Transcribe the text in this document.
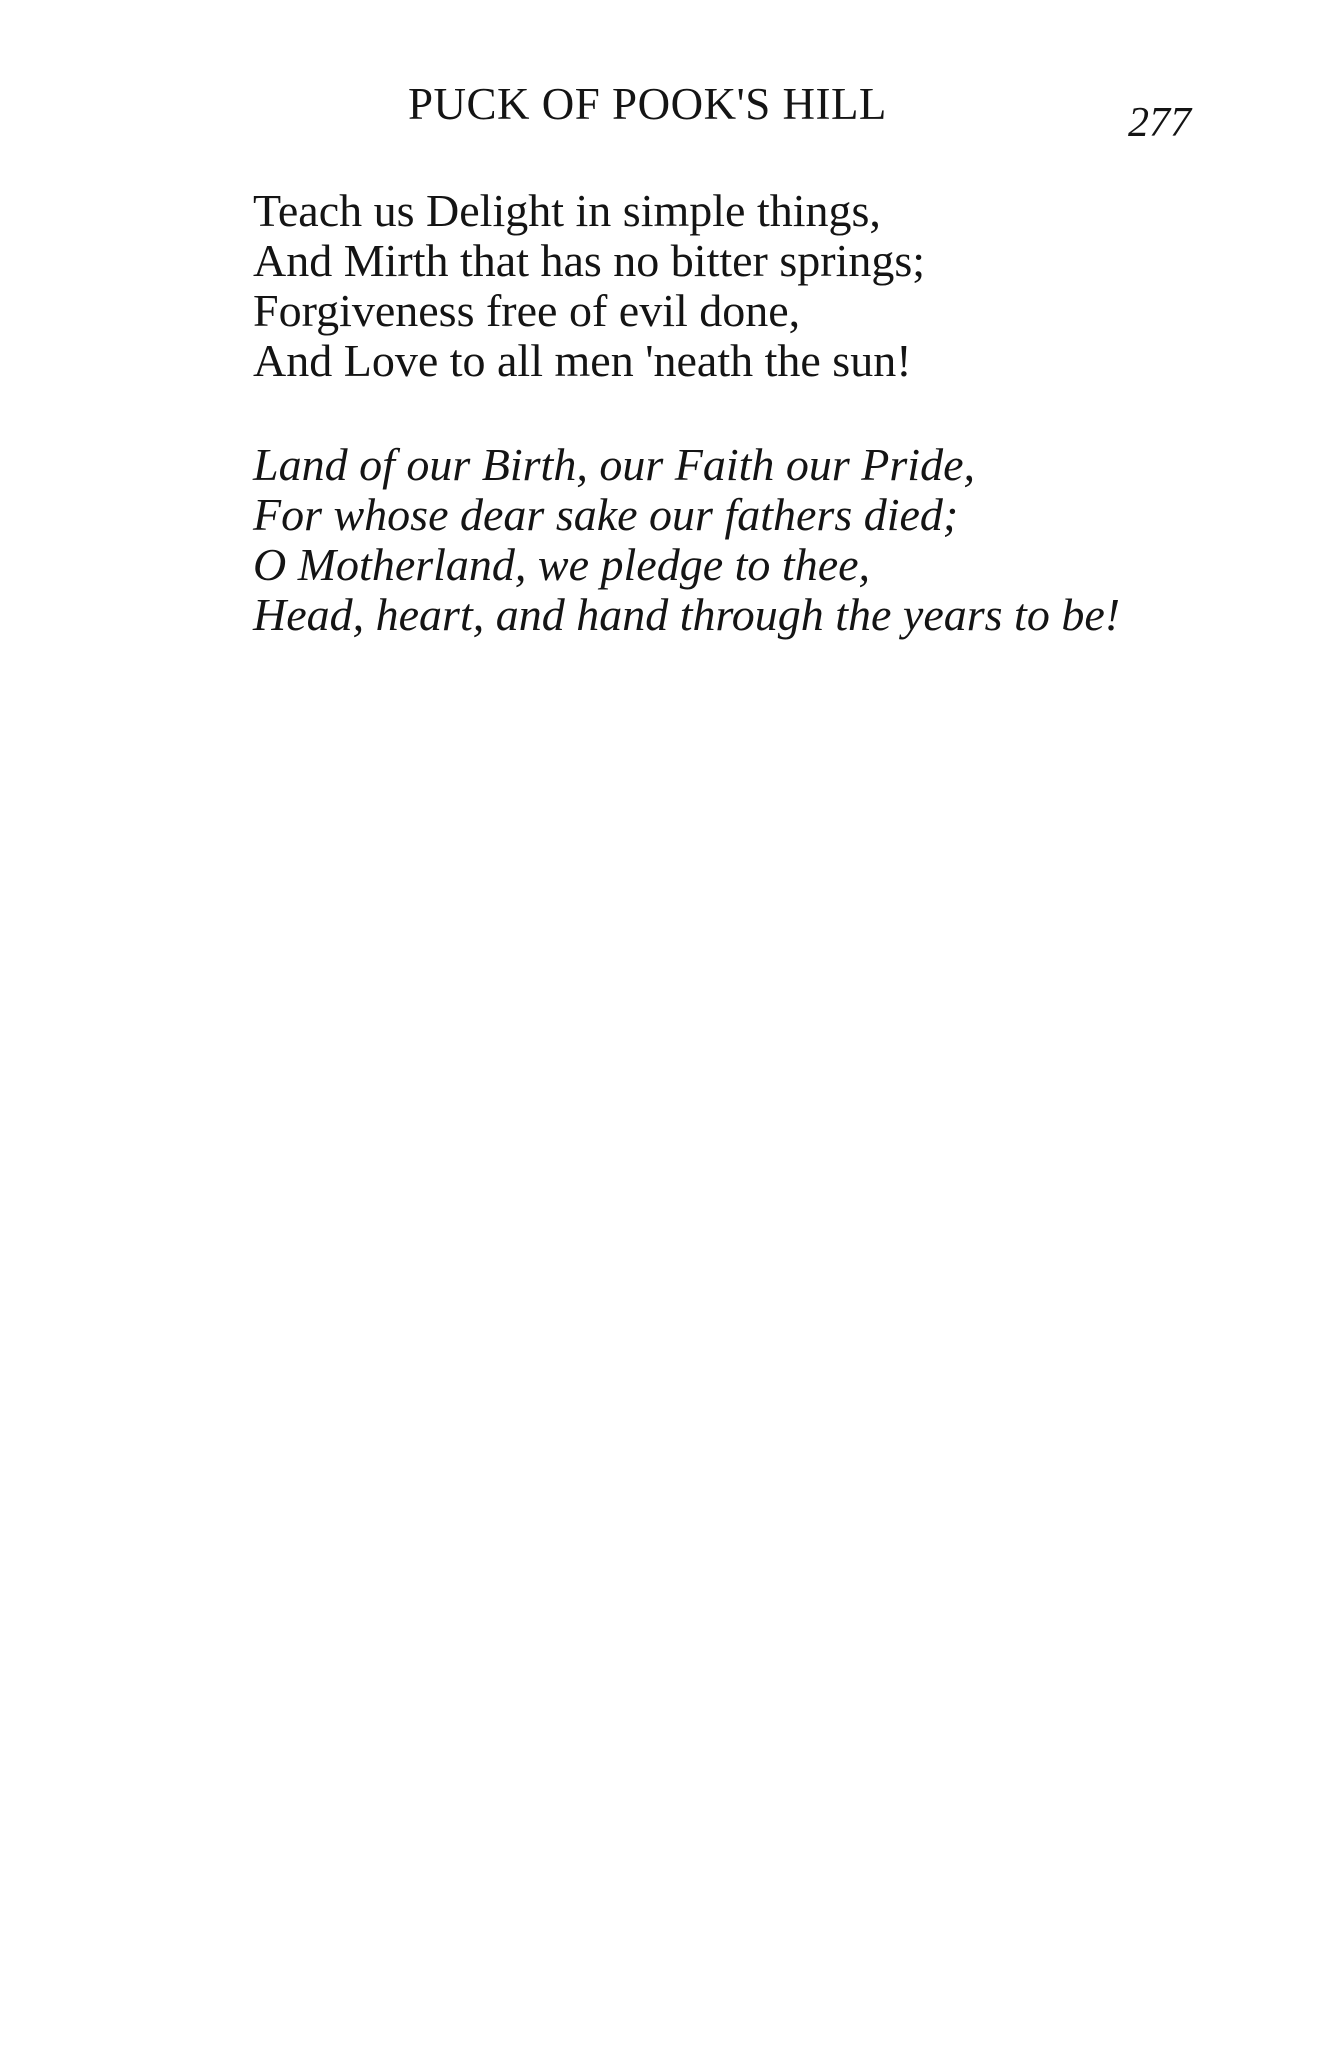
PUCK OF POOK'S HILL	277
Teach us Delight in simple things,
And Mirth that has no bitter springs;
Forgiveness free of evil done,
And Love to all men 'neath the sun!
Land of our Birth, our Faith our Pride,
For whose dear sake our fathers died;
O Motherland, we pledge to thee,
Head, heart, and hand through the years to be!
